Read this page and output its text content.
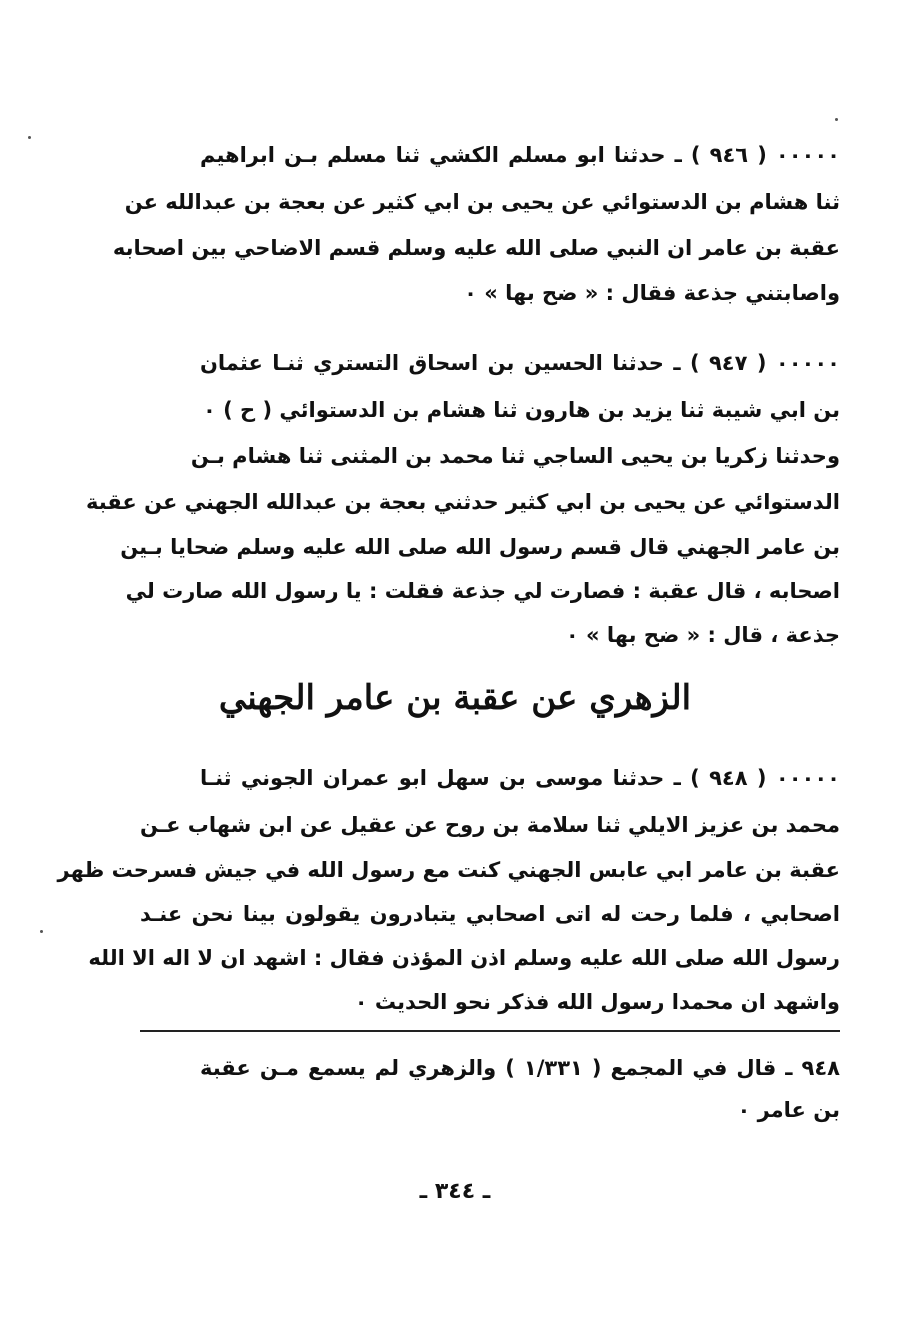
٠٠٠٠٠ ( ٩٤٦ ) ـ حدثنا ابو مسلم الكشي ثنا مسلم بـن ابراهيم
ثنا هشام بن الدستوائي عن يحيى بن ابي كثير عن بعجة بن عبدالله عن
عقبة بن عامر ان النبي صلى الله عليه وسلم قسم الاضاحي بين اصحابه
واصابتني جذعة فقال : « ضح بها » ٠
٠٠٠٠٠ ( ٩٤٧ ) ـ حدثنا الحسين بن اسحاق التستري ثنـا عثمان
بن ابي شيبة ثنا يزيد بن هارون ثنا هشام بن الدستوائي ( ح ) ٠
وحدثنا زكريا بن يحيى الساجي ثنا محمد بن المثنى ثنا هشام بـن
الدستوائي عن يحيى بن ابي كثير حدثني بعجة بن عبدالله الجهني عن عقبة
بن عامر الجهني قال قسم رسول الله صلى الله عليه وسلم ضحايا بـين
اصحابه ، قال عقبة : فصارت لي جذعة فقلت : يا رسول الله صارت لي
جذعة ، قال : « ضح بها » ٠
الزهري عن عقبة بن عامر الجهني
٠٠٠٠٠ ( ٩٤٨ ) ـ حدثنا موسى بن سهل ابو عمران الجوني ثنـا
محمد بن عزيز الايلي ثنا سلامة بن روح عن عقيل عن ابن شهاب عـن
عقبة بن عامر ابي عابس الجهني كنت مع رسول الله في جيش فسرحت ظهر
اصحابي ، فلما رحت له اتى اصحابي يتبادرون يقولون بينا نحن عنـد
رسول الله صلى الله عليه وسلم اذن المؤذن فقال : اشهد ان لا اله الا الله
واشهد ان محمدا رسول الله فذكر نحو الحديث ٠
٩٤٨ ـ قال في المجمع ( ١/٣٣١ ) والزهري لم يسمع مـن عقبة
بن عامر ٠
ـ ٣٤٤ ـ
